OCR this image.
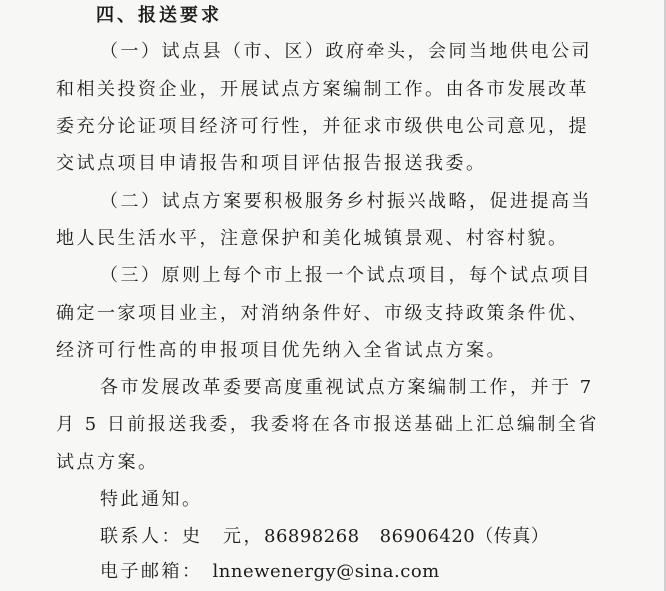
四、报送要求
（一）试点县（市、区）政府牵头，会同当地供电公司
和相关投资企业，开展试点方案编制工作。由各市发展改革
委充分论证项目经济可行性，并征求市级供电公司意见，提
交试点项目申请报告和项目评估报告报送我委。
（二）试点方案要积极服务乡村振兴战略，促进提高当
地人民生活水平，注意保护和美化城镇景观、村容村貌。
（三）原则上每个市上报一个试点项目，每个试点项目
确定一家项目业主，对消纳条件好、市级支持政策条件优、
经济可行性高的申报项目优先纳入全省试点方案。
各市发展改革委要高度重视试点方案编制工作，并于 7
月 5 日前报送我委，我委将在各市报送基础上汇总编制全省
试点方案。
特此通知。
联系人：史　元，86898268 86906420（传真）
电子邮箱： lnnewenergy@sina.com
